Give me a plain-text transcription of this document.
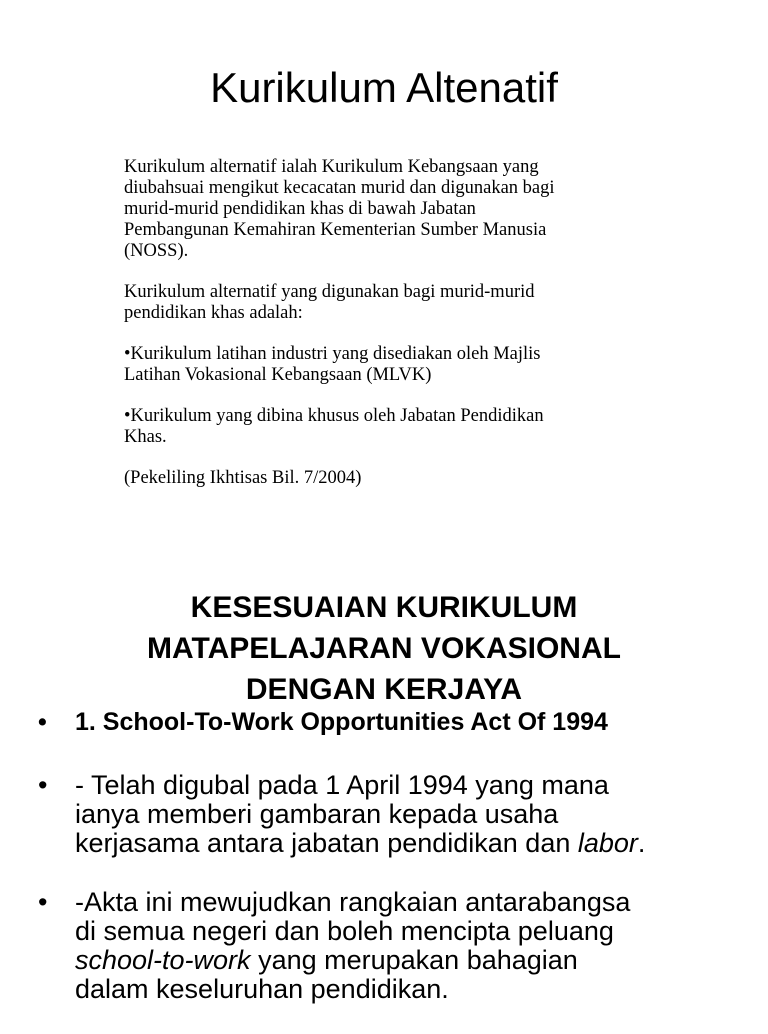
Kurikulum Altenatif

Kurikulum alternatif ialah Kurikulum Kebangsaan yang
diubahsuai mengikut kecacatan murid dan digunakan bagi
murid-murid pendidikan khas di bawah Jabatan
Pembangunan Kemahiran Kementerian Sumber Manusia
(NOSS).

Kurikulum alternatif yang digunakan bagi murid-murid
pendidikan khas adalah:

•Kurikulum latihan industri yang disediakan oleh Majlis
Latihan Vokasional Kebangsaan (MLVK)

•Kurikulum yang dibina khusus oleh Jabatan Pendidikan
Khas.

(Pekeliling Ikhtisas Bil. 7/2004)

KESESUAIAN KURIKULUM
MATAPELAJARAN VOKASIONAL
DENGAN KERJAYA
• 1. School-To-Work Opportunities Act Of 1994
• - Telah digubal pada 1 April 1994 yang mana
ianya memberi gambaran kepada usaha
kerjasama antara jabatan pendidikan dan labor.
• -Akta ini mewujudkan rangkaian antarabangsa
di semua negeri dan boleh mencipta peluang
school-to-work yang merupakan bahagian
dalam keseluruhan pendidikan.
